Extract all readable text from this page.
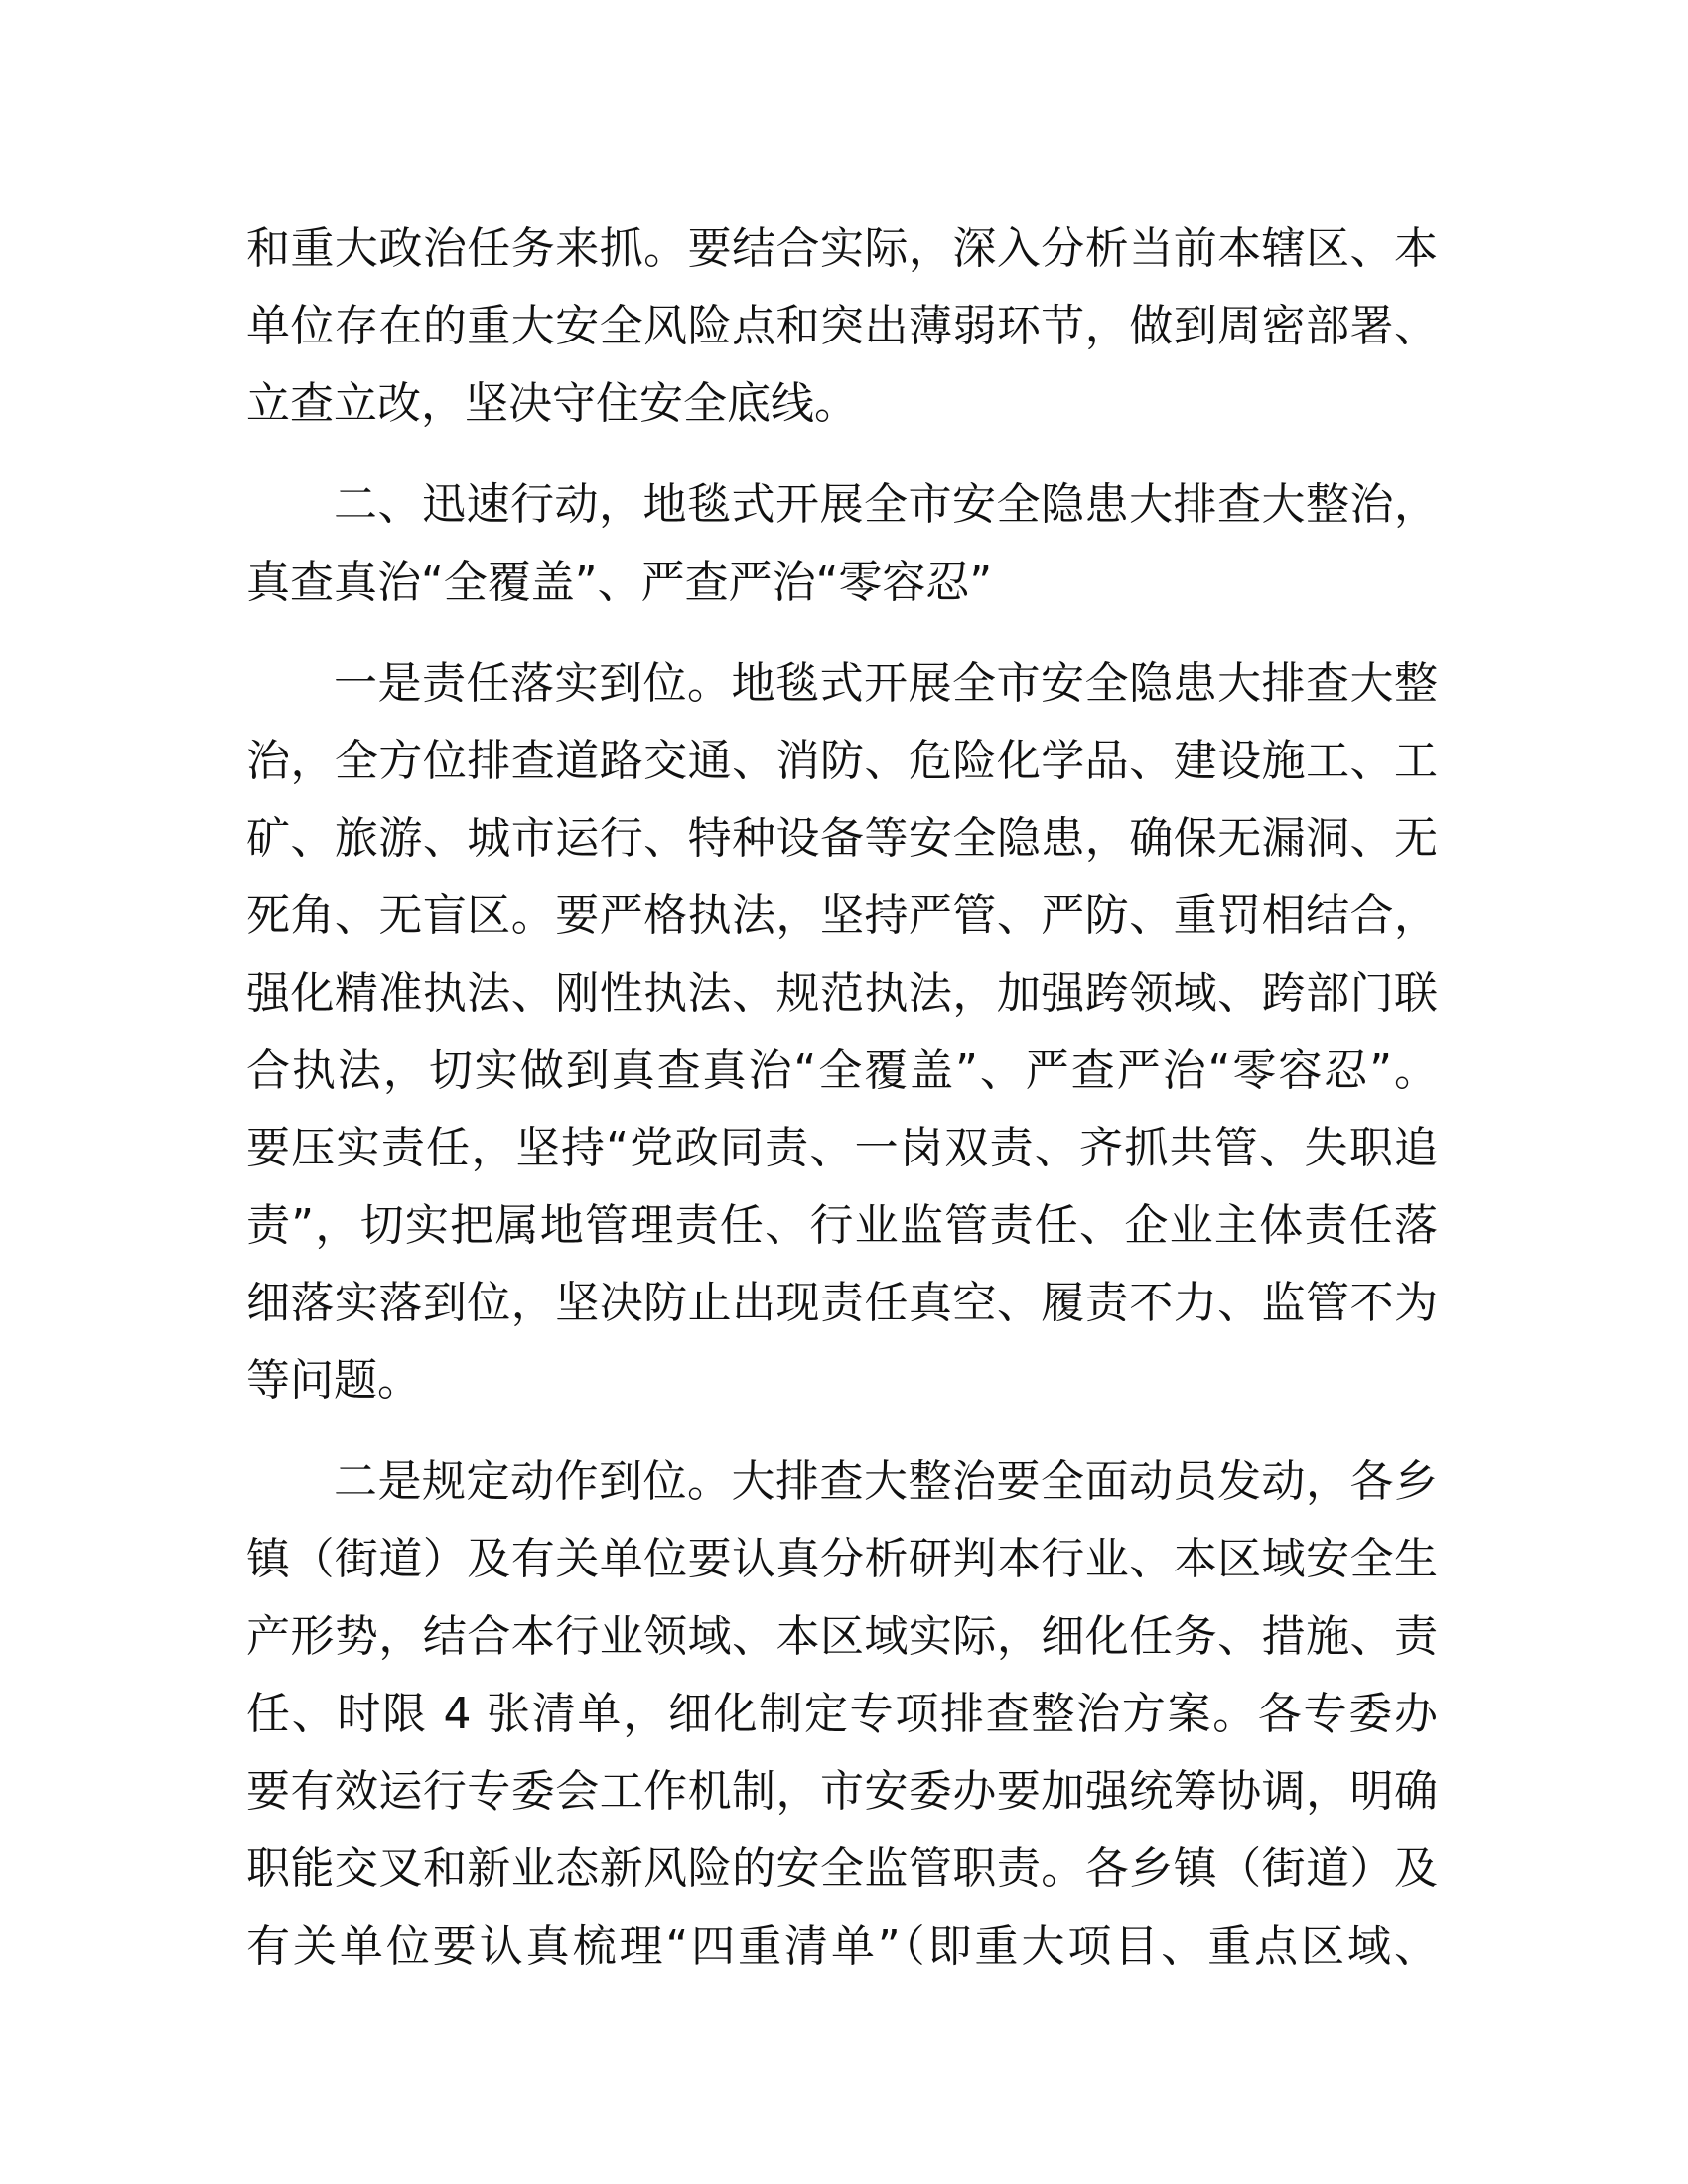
和重大政治任务来抓。要结合实际，深入分析当前本辖区、本
单位存在的重大安全风险点和突出薄弱环节，做到周密部署、
立查立改，坚决守住安全底线。

二、迅速行动，地毯式开展全市安全隐患大排查大整治，
真查真治“全覆盖”、严查严治“零容忍”

一是责任落实到位。地毯式开展全市安全隐患大排查大整
治，全方位排查道路交通、消防、危险化学品、建设施工、工
矿、旅游、城市运行、特种设备等安全隐患，确保无漏洞、无
死角、无盲区。要严格执法，坚持严管、严防、重罚相结合，
强化精准执法、刚性执法、规范执法，加强跨领域、跨部门联
合执法，切实做到真查真治“全覆盖”、严查严治“零容忍”。
要压实责任，坚持“党政同责、一岗双责、齐抓共管、失职追
责”，切实把属地管理责任、行业监管责任、企业主体责任落
细落实落到位，坚决防止出现责任真空、履责不力、监管不为
等问题。

二是规定动作到位。大排查大整治要全面动员发动，各乡
镇（街道）及有关单位要认真分析研判本行业、本区域安全生
产形势，结合本行业领域、本区域实际，细化任务、措施、责
任、时限 4 张清单，细化制定专项排查整治方案。各专委办
要有效运行专委会工作机制，市安委办要加强统筹协调，明确
职能交叉和新业态新风险的安全监管职责。各乡镇（街道）及
有关单位要认真梳理“四重清单”（即重大项目、重点区域、
